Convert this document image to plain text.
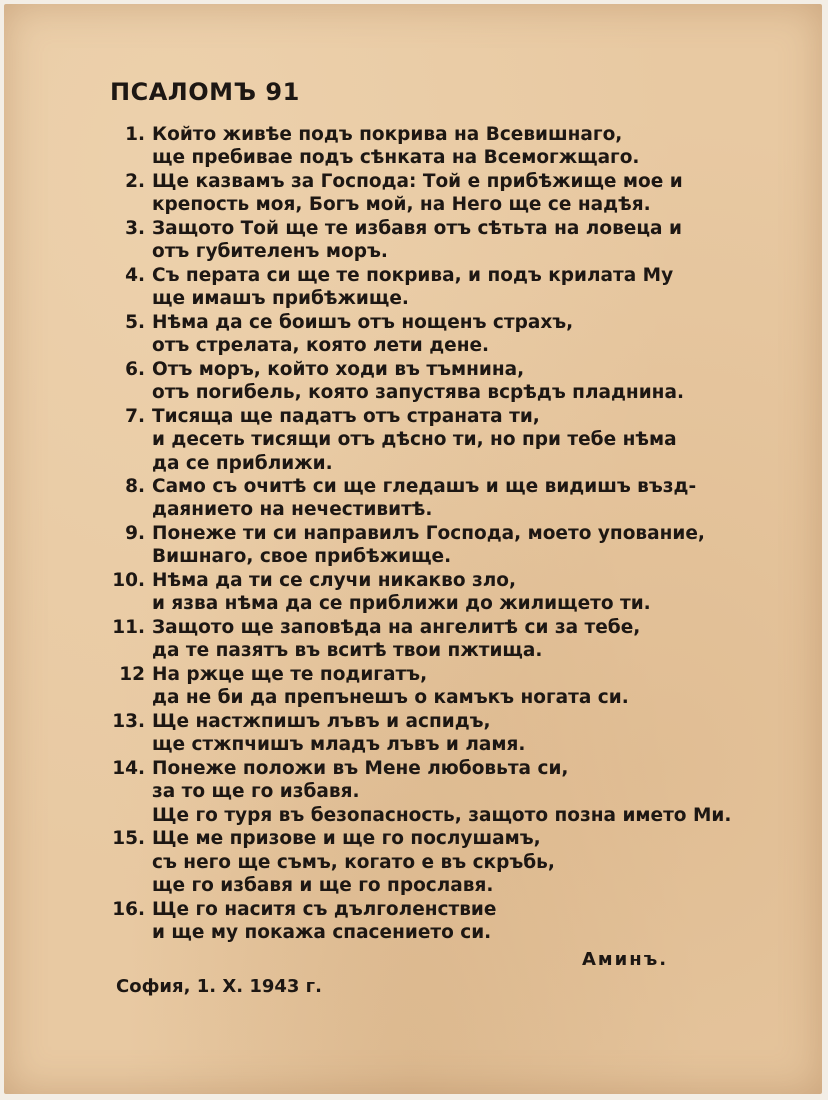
ПСАЛОМЪ 91
1. Който живѣе подъ покрива на Всевишнаго,
ще пребивае подъ сѣнката на Всемогжщаго.
2. Ще казвамъ за Господа: Той е прибѣжище мое и
крепость моя, Богъ мой, на Него ще се надѣя.
3. Защото Той ще те избавя отъ сѣтьта на ловеца и
отъ губителенъ моръ.
4. Съ перата си ще те покрива, и подъ крилата Му
ще имашъ прибѣжище.
5. Нѣма да се боишъ отъ нощенъ страхъ,
отъ стрелата, която лети дене.
6. Отъ моръ, който ходи въ тъмнина,
отъ погибель, която запустява всрѣдъ пладнина.
7. Тисяща ще падатъ отъ страната ти,
и десеть тисящи отъ дѣсно ти, но при тебе нѣма
да се приближи.
8. Само съ очитѣ си ще гледашъ и ще видишъ възд-
даянието на нечестивитѣ.
9. Понеже ти си направилъ Господа, моето упование,
Вишнаго, свое прибѣжище.
10. Нѣма да ти се случи никакво зло,
и язва нѣма да се приближи до жилището ти.
11. Защото ще заповѣда на ангелитѣ си за тебе,
да те пазятъ въ вситѣ твои пжтища.
12 На ржце ще те подигатъ,
да не би да препънешъ о камъкъ ногата си.
13. Ще настжпишъ лъвъ и аспидъ,
ще стжпчишъ младъ лъвъ и ламя.
14. Понеже положи въ Мене любовьта си,
за то ще го избавя.
Ще го туря въ безопасность, защото позна името Ми.
15. Ще ме призове и ще го послушамъ,
съ него ще съмъ, когато е въ скръбь,
ще го избавя и ще го прославя.
16. Ще го наситя съ дълголенствие
и ще му покажа спасението си.

Аминъ.

София, 1. X. 1943 г.
